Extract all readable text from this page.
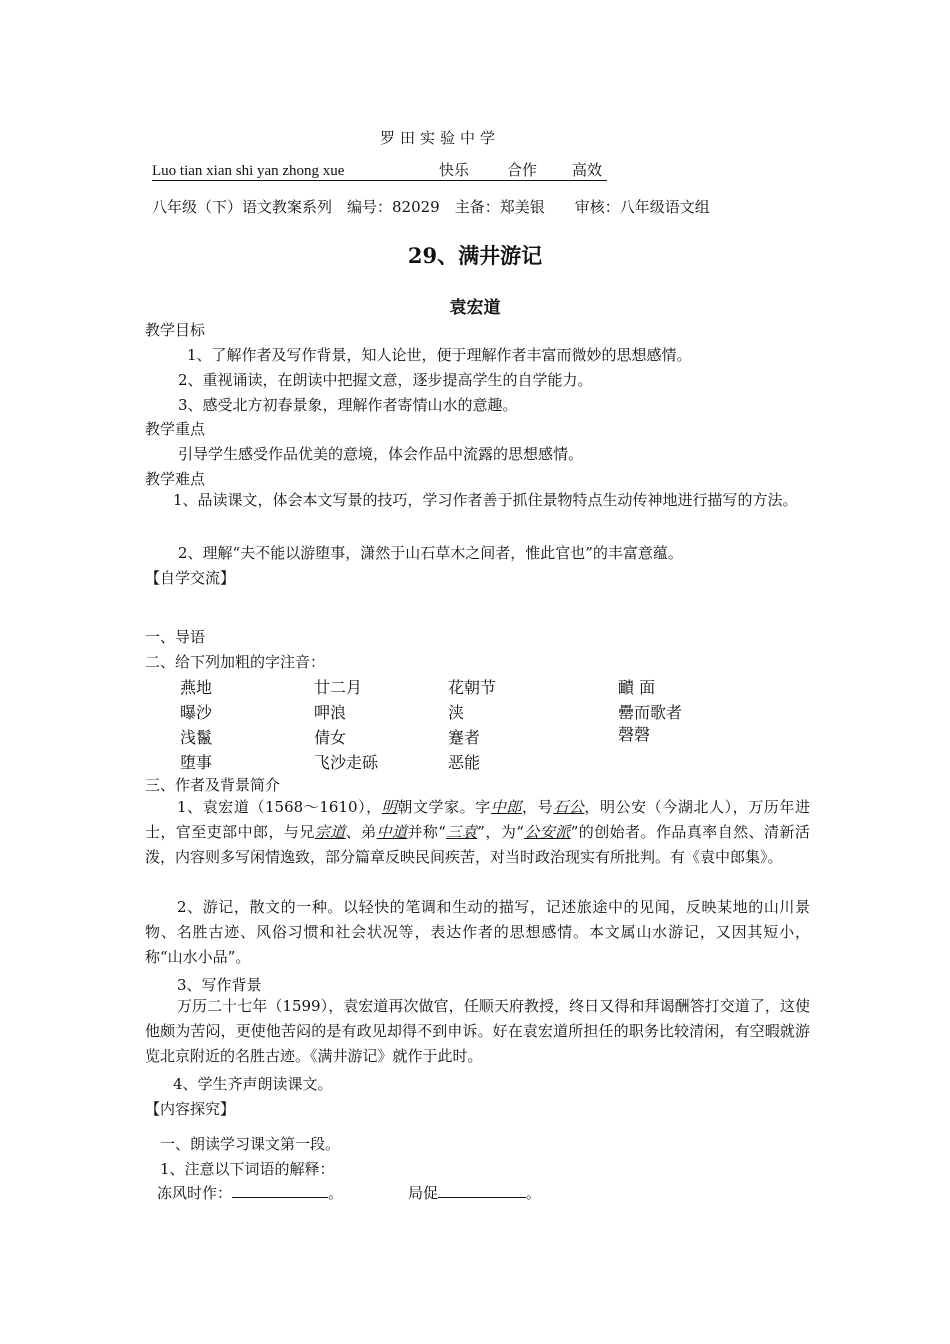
罗田实验中学
Luo tian xian shi yan zhong xue	快乐	合作 高效
八年级（下）语文教案系列　编号：82029　主备：郑美银　　审核：八年级语文组
29、满井游记
袁宏道
教学目标
1、了解作者及写作背景，知人论世，便于理解作者丰富而微妙的思想感情。
2、重视诵读，在朗读中把握文意，逐步提高学生的自学能力。
3、感受北方初春景象，理解作者寄情山水的意趣。
教学重点
引导学生感受作品优美的意境，体会作品中流露的思想感情。
教学难点
1、品读课文，体会本文写景的技巧，学习作者善于抓住景物特点生动传神地进行描写的方法。
2、理解“夫不能以游堕事，潇然于山石草木之间者，惟此官也”的丰富意蕴。
【自学交流】
一、导语
二、给下列加粗的字注音：
燕地	廿二月	花朝节	靧 面
曝沙	呷浪	浃	罍而歌者
浅鬣	倩女	蹇者	磬磬
堕事	飞沙走砾	恶能
三、作者及背景简介
1、袁宏道（1568～1610），明朝文学家。字中郎，号石公，明公安（今湖北人），万历年进士，官至吏部中郎，与兄宗道、弟中道并称“三袁”，为“公安派”的创始者。作品真率自然、清新活泼，内容则多写闲情逸致，部分篇章反映民间疾苦，对当时政治现实有所批判。有《袁中郎集》。
2、游记，散文的一种。以轻快的笔调和生动的描写，记述旅途中的见闻，反映某地的山川景物、名胜古迹、风俗习惯和社会状况等，表达作者的思想感情。本文属山水游记，又因其短小，称“山水小品”。
3、写作背景
万历二十七年（1599），袁宏道再次做官，任顺天府教授，终日又得和拜谒酬答打交道了，这使他颇为苦闷，更使他苦闷的是有政见却得不到申诉。好在袁宏道所担任的职务比较清闲，有空暇就游览北京附近的名胜古迹。《满井游记》就作于此时。
4、学生齐声朗读课文。
【内容探究】
一、朗读学习课文第一段。
1、注意以下词语的解释：
冻风时作：	。	局促	。
